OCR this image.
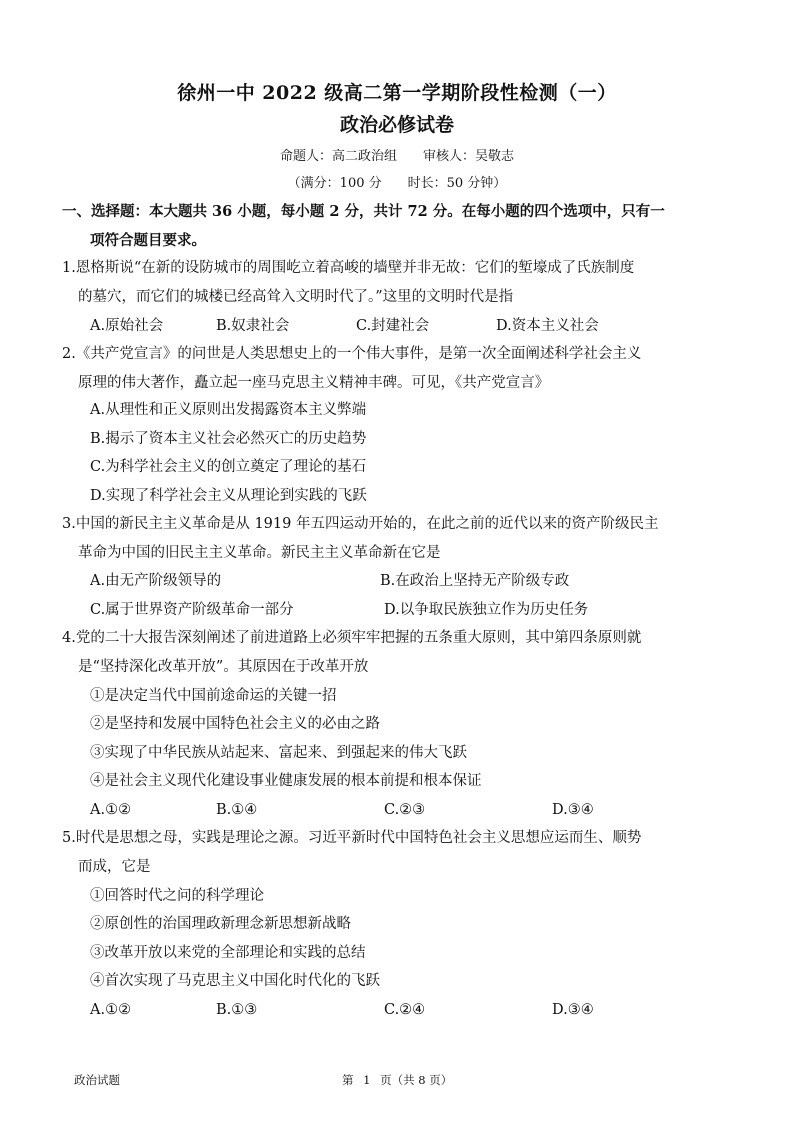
徐州一中 2022 级高二第一学期阶段性检测（一）
政治必修试卷
命题人：高二政治组 审核人：吴敬志
（满分：100 分 时长：50 分钟）
一、选择题：本大题共 36 小题，每小题 2 分，共计 72 分。在每小题的四个选项中，只有一
项符合题目要求。
1.恩格斯说“在新的设防城市的周围屹立着高峻的墙壁并非无故：它们的堑壕成了氏族制度
的墓穴，而它们的城楼已经高耸入文明时代了。”这里的文明时代是指
A.原始社会	B.奴隶社会	C.封建社会	D.资本主义社会
2.《共产党宣言》的问世是人类思想史上的一个伟大事件，是第一次全面阐述科学社会主义
原理的伟大著作，矗立起一座马克思主义精神丰碑。可见，《共产党宣言》
A.从理性和正义原则出发揭露资本主义弊端
B.揭示了资本主义社会必然灭亡的历史趋势
C.为科学社会主义的创立奠定了理论的基石
D.实现了科学社会主义从理论到实践的飞跃
3.中国的新民主主义革命是从 1919 年五四运动开始的，在此之前的近代以来的资产阶级民主
革命为中国的旧民主主义革命。新民主主义革命新在它是
A.由无产阶级领导的	B.在政治上坚持无产阶级专政
C.属于世界资产阶级革命一部分	D.以争取民族独立作为历史任务
4.党的二十大报告深刻阐述了前进道路上必须牢牢把握的五条重大原则，其中第四条原则就
是“坚持深化改革开放”。其原因在于改革开放
①是决定当代中国前途命运的关键一招
②是坚持和发展中国特色社会主义的必由之路
③实现了中华民族从站起来、富起来、到强起来的伟大飞跃
④是社会主义现代化建设事业健康发展的根本前提和根本保证
A.①②	B.①④	C.②③	D.③④
5.时代是思想之母，实践是理论之源。习近平新时代中国特色社会主义思想应运而生、顺势
而成，它是
①回答时代之问的科学理论
②原创性的治国理政新理念新思想新战略
③改革开放以来党的全部理论和实践的总结
④首次实现了马克思主义中国化时代化的飞跃
A.①②	B.①③	C.②④	D.③④
政治试题	第 1 页（共 8 页）
